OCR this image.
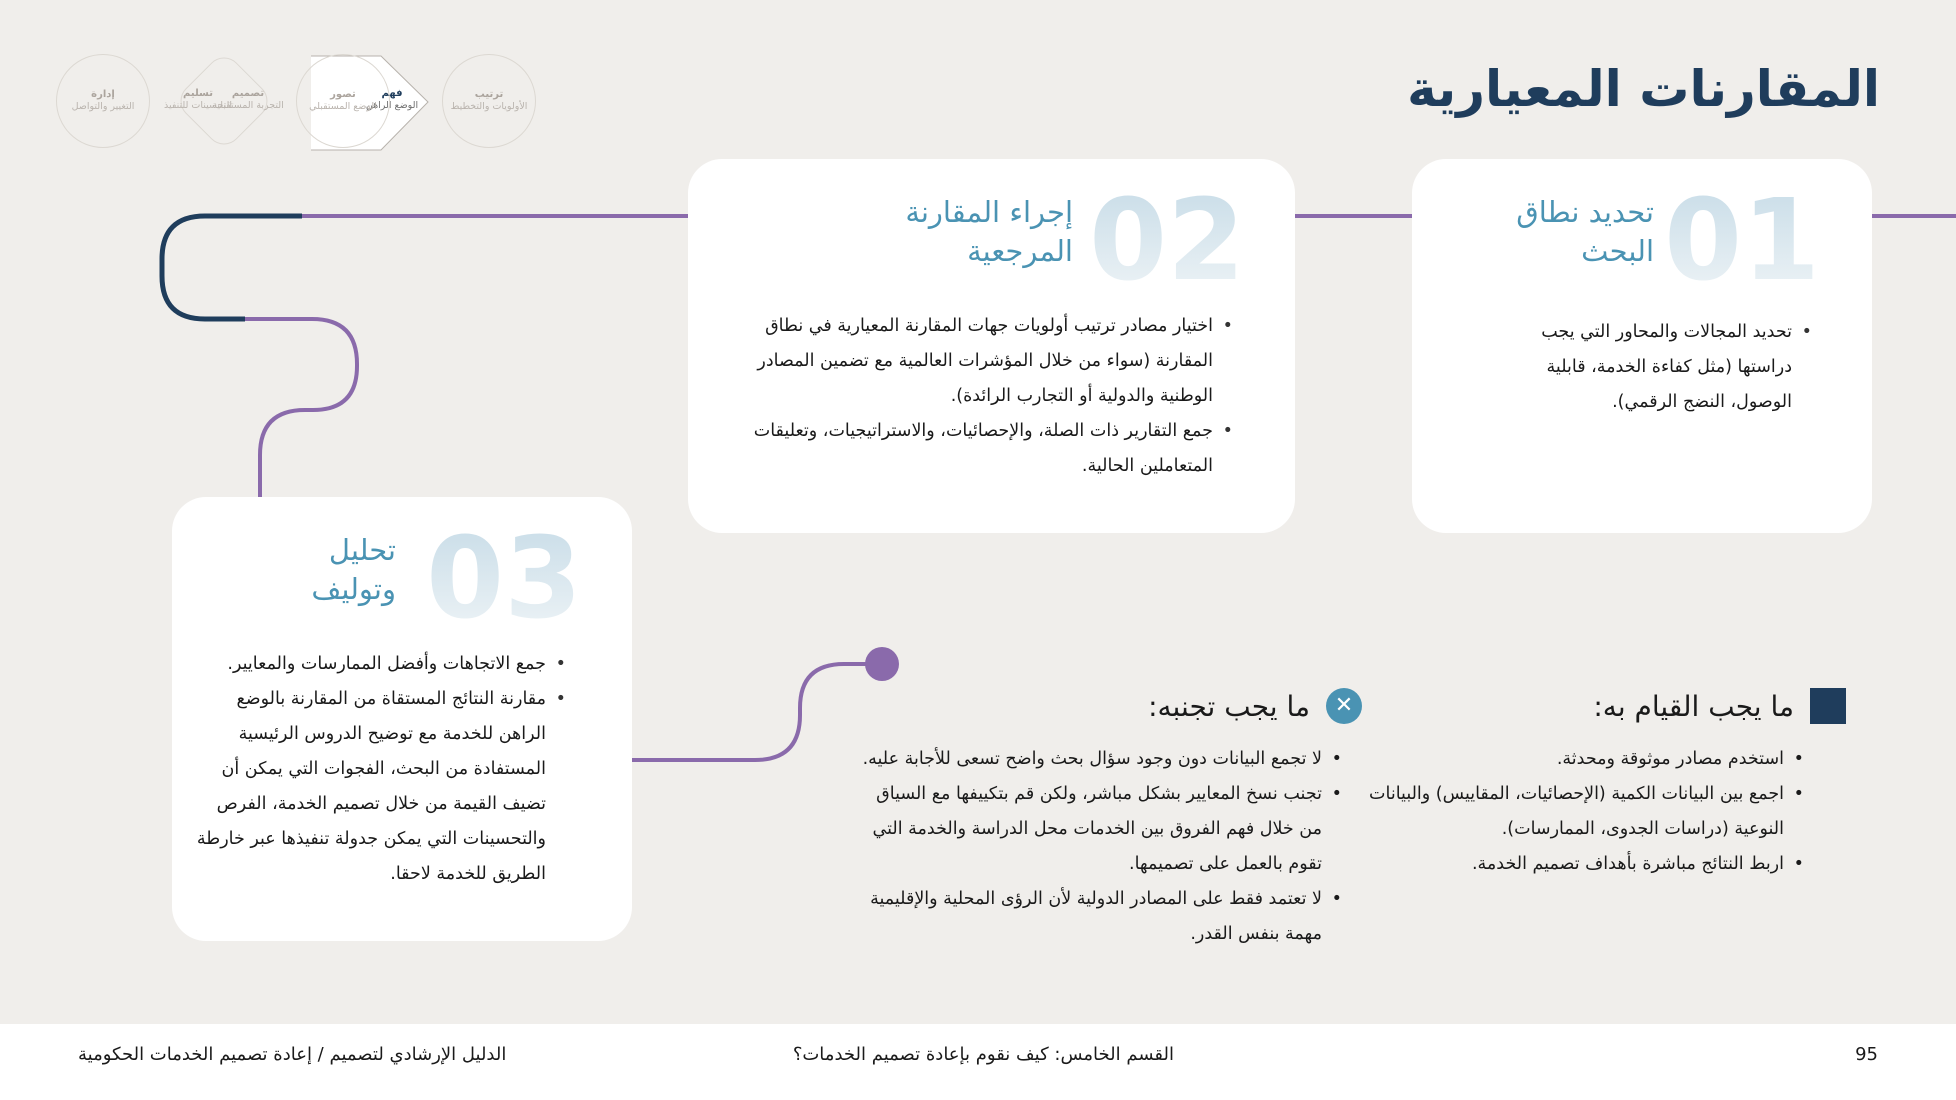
المقارنات المعيارية
ترتيب
الأولويات والتخطيط
فهم
الوضع الراهن
تصور
الوضع المستقبلي
تصميم
التجربة المستقبلية
تسليم
التحسينات للتنفيذ
إدارة
التغيير والتواصل
01
تحديد نطاق البحث
• تحديد المجالات والمحاور التي يجب دراستها (مثل كفاءة الخدمة، قابلية الوصول، النضج الرقمي).
02
إجراء المقارنة المرجعية
• اختيار مصادر ترتيب أولويات جهات المقارنة المعيارية في نطاق المقارنة (سواء من خلال المؤشرات العالمية مع تضمين المصادر الوطنية والدولية أو التجارب الرائدة).
• جمع التقارير ذات الصلة، والإحصائيات، والاستراتيجيات، وتعليقات المتعاملين الحالية.
03
تحليل وتوليف
• جمع الاتجاهات وأفضل الممارسات والمعايير.
• مقارنة النتائج المستقاة من المقارنة بالوضع الراهن للخدمة مع توضيح الدروس الرئيسية المستفادة من البحث، الفجوات التي يمكن أن تضيف القيمة من خلال تصميم الخدمة، الفرص والتحسينات التي يمكن جدولة تنفيذها عبر خارطة الطريق للخدمة لاحقا.
ما يجب القيام به:
• استخدم مصادر موثوقة ومحدثة.
• اجمع بين البيانات الكمية (الإحصائيات، المقاييس) والبيانات النوعية (دراسات الجدوى، الممارسات).
• اربط النتائج مباشرة بأهداف تصميم الخدمة.
✕
ما يجب تجنبه:
• لا تجمع البيانات دون وجود سؤال بحث واضح تسعى للأجابة عليه.
• تجنب نسخ المعايير بشكل مباشر، ولكن قم بتكييفها مع السياق من خلال فهم الفروق بين الخدمات محل الدراسة والخدمة التي تقوم بالعمل على تصميمها.
• لا تعتمد فقط على المصادر الدولية لأن الرؤى المحلية والإقليمية مهمة بنفس القدر.
95
القسم الخامس: كيف نقوم بإعادة تصميم الخدمات؟
الدليل الإرشادي لتصميم / إعادة تصميم الخدمات الحكومية
